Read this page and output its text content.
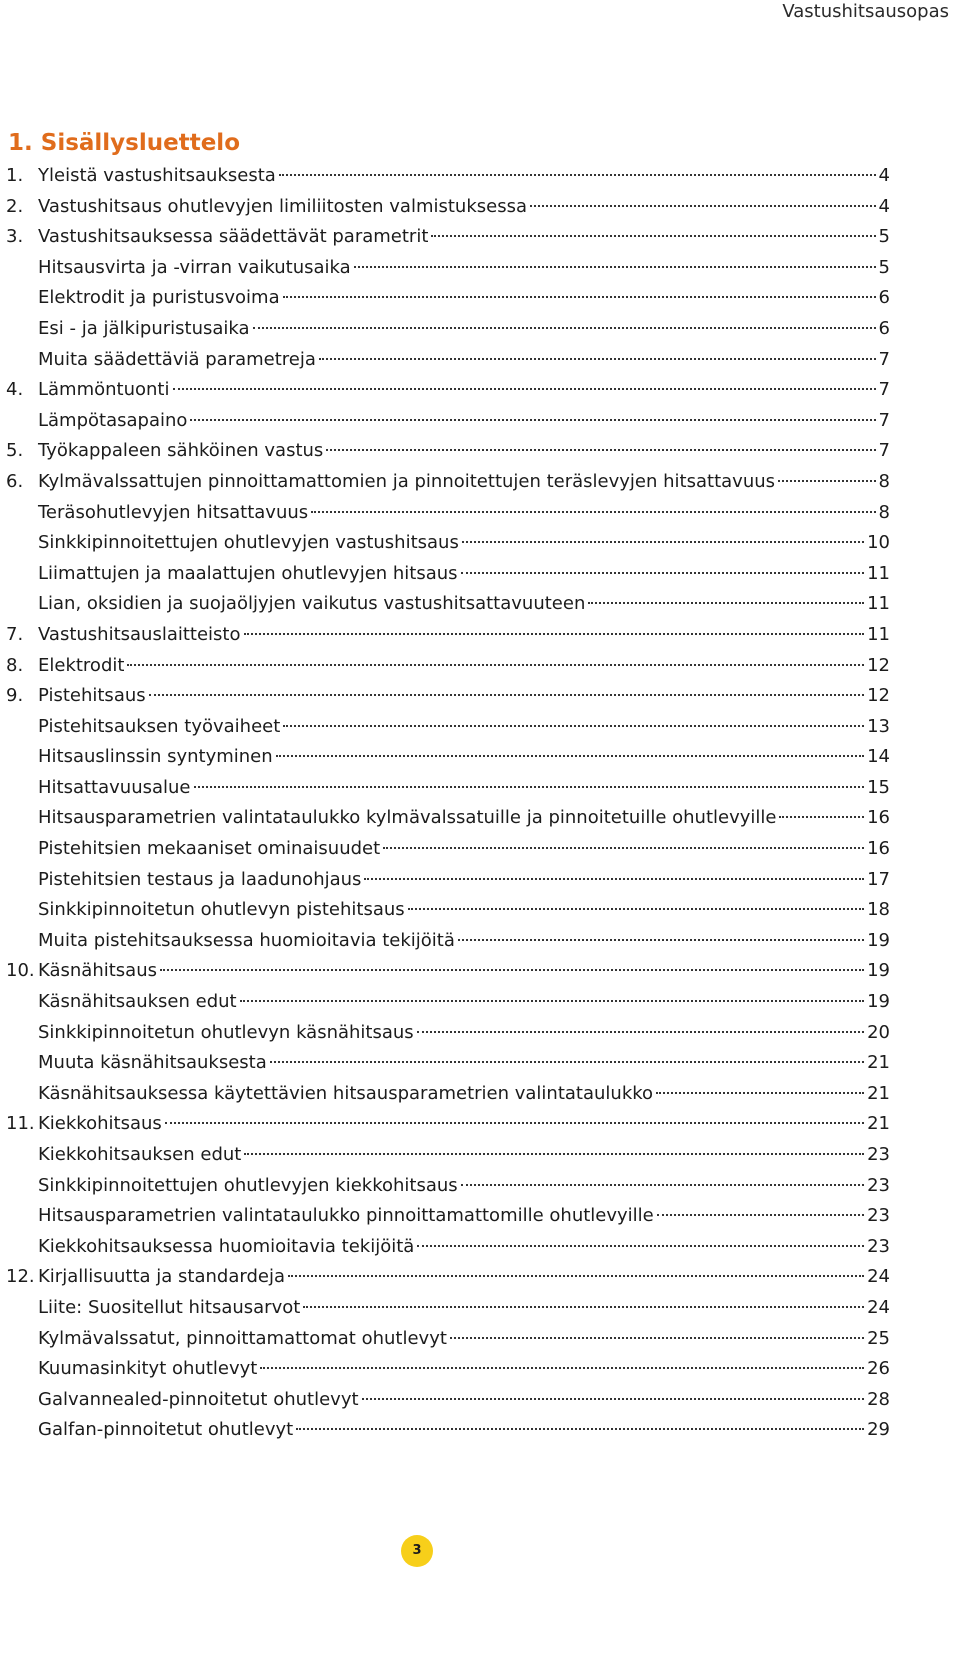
Vastushitsausopas
1. Sisällysluettelo
1. Yleistä vastushitsauksesta	4
2. Vastushitsaus ohutlevyjen limiliitosten valmistuksessa	4
3. Vastushitsauksessa säädettävät parametrit	5
Hitsausvirta ja -virran vaikutusaika	5
Elektrodit ja puristusvoima	6
Esi - ja jälkipuristusaika	6
Muita säädettäviä parametreja	7
4. Lämmöntuonti	7
Lämpötasapaino	7
5. Työkappaleen sähköinen vastus	7
6. Kylmävalssattujen pinnoittamattomien ja pinnoitettujen teräslevyjen hitsattavuus	8
Teräsohutlevyjen hitsattavuus	8
Sinkkipinnoitettujen ohutlevyjen vastushitsaus	10
Liimattujen ja maalattujen ohutlevyjen hitsaus	11
Lian, oksidien ja suojaöljyjen vaikutus vastushitsattavuuteen	11
7. Vastushitsauslaitteisto	11
8. Elektrodit	12
9. Pistehitsaus	12
Pistehitsauksen työvaiheet	13
Hitsauslinssin syntyminen	14
Hitsattavuusalue	15
Hitsausparametrien valintataulukko kylmävalssatuille ja pinnoitetuille ohutlevyille	16
Pistehitsien mekaaniset ominaisuudet	16
Pistehitsien testaus ja laadunohjaus	17
Sinkkipinnoitetun ohutlevyn pistehitsaus	18
Muita pistehitsauksessa huomioitavia tekijöitä	19
10. Käsnähitsaus	19
Käsnähitsauksen edut	19
Sinkkipinnoitetun ohutlevyn käsnähitsaus	20
Muuta käsnähitsauksesta	21
Käsnähitsauksessa käytettävien hitsausparametrien valintataulukko	21
11. Kiekkohitsaus	21
Kiekkohitsauksen edut	23
Sinkkipinnoitettujen ohutlevyjen kiekkohitsaus	23
Hitsausparametrien valintataulukko pinnoittamattomille ohutlevyille	23
Kiekkohitsauksessa huomioitavia tekijöitä	23
12. Kirjallisuutta ja standardeja	24
Liite: Suositellut hitsausarvot	24
Kylmävalssatut, pinnoittamattomat ohutlevyt	25
Kuumasinkityt ohutlevyt	26
Galvannealed-pinnoitetut ohutlevyt	28
Galfan-pinnoitetut ohutlevyt	29
3
